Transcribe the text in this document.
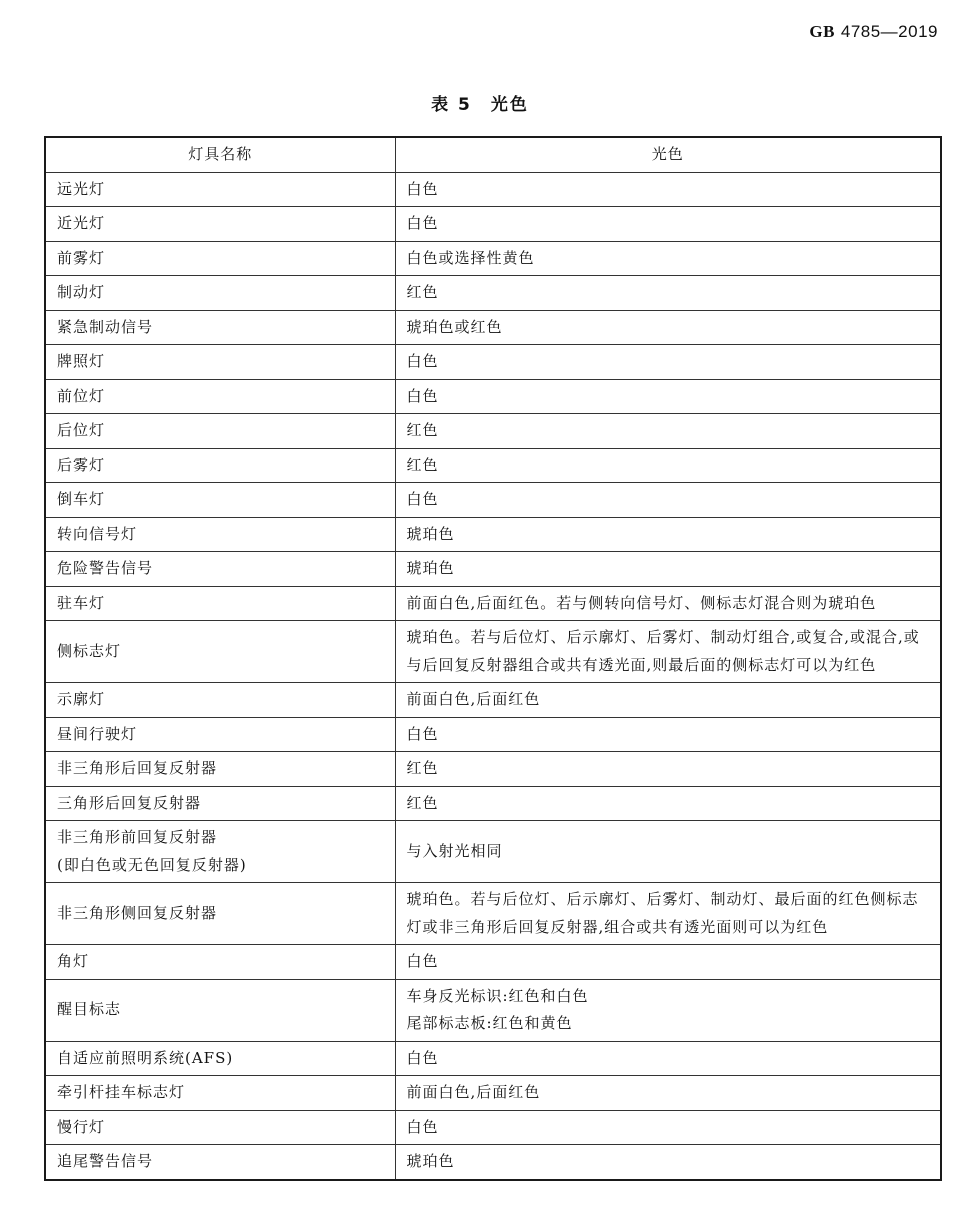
GB 4785—2019
表 5　光色
灯具名称	光色
远光灯	白色
近光灯	白色
前雾灯	白色或选择性黄色
制动灯	红色
紧急制动信号	琥珀色或红色
牌照灯	白色
前位灯	白色
后位灯	红色
后雾灯	红色
倒车灯	白色
转向信号灯	琥珀色
危险警告信号	琥珀色
驻车灯	前面白色,后面红色。若与侧转向信号灯、侧标志灯混合则为琥珀色
侧标志灯	琥珀色。若与后位灯、后示廓灯、后雾灯、制动灯组合,或复合,或混合,或与后回复反射器组合或共有透光面,则最后面的侧标志灯可以为红色
示廓灯	前面白色,后面红色
昼间行驶灯	白色
非三角形后回复反射器	红色
三角形后回复反射器	红色
非三角形前回复反射器
(即白色或无色回复反射器)	与入射光相同
非三角形侧回复反射器	琥珀色。若与后位灯、后示廓灯、后雾灯、制动灯、最后面的红色侧标志灯或非三角形后回复反射器,组合或共有透光面则可以为红色
角灯	白色
醒目标志	车身反光标识:红色和白色
尾部标志板:红色和黄色
自适应前照明系统(AFS)	白色
牵引杆挂车标志灯	前面白色,后面红色
慢行灯	白色
追尾警告信号	琥珀色
